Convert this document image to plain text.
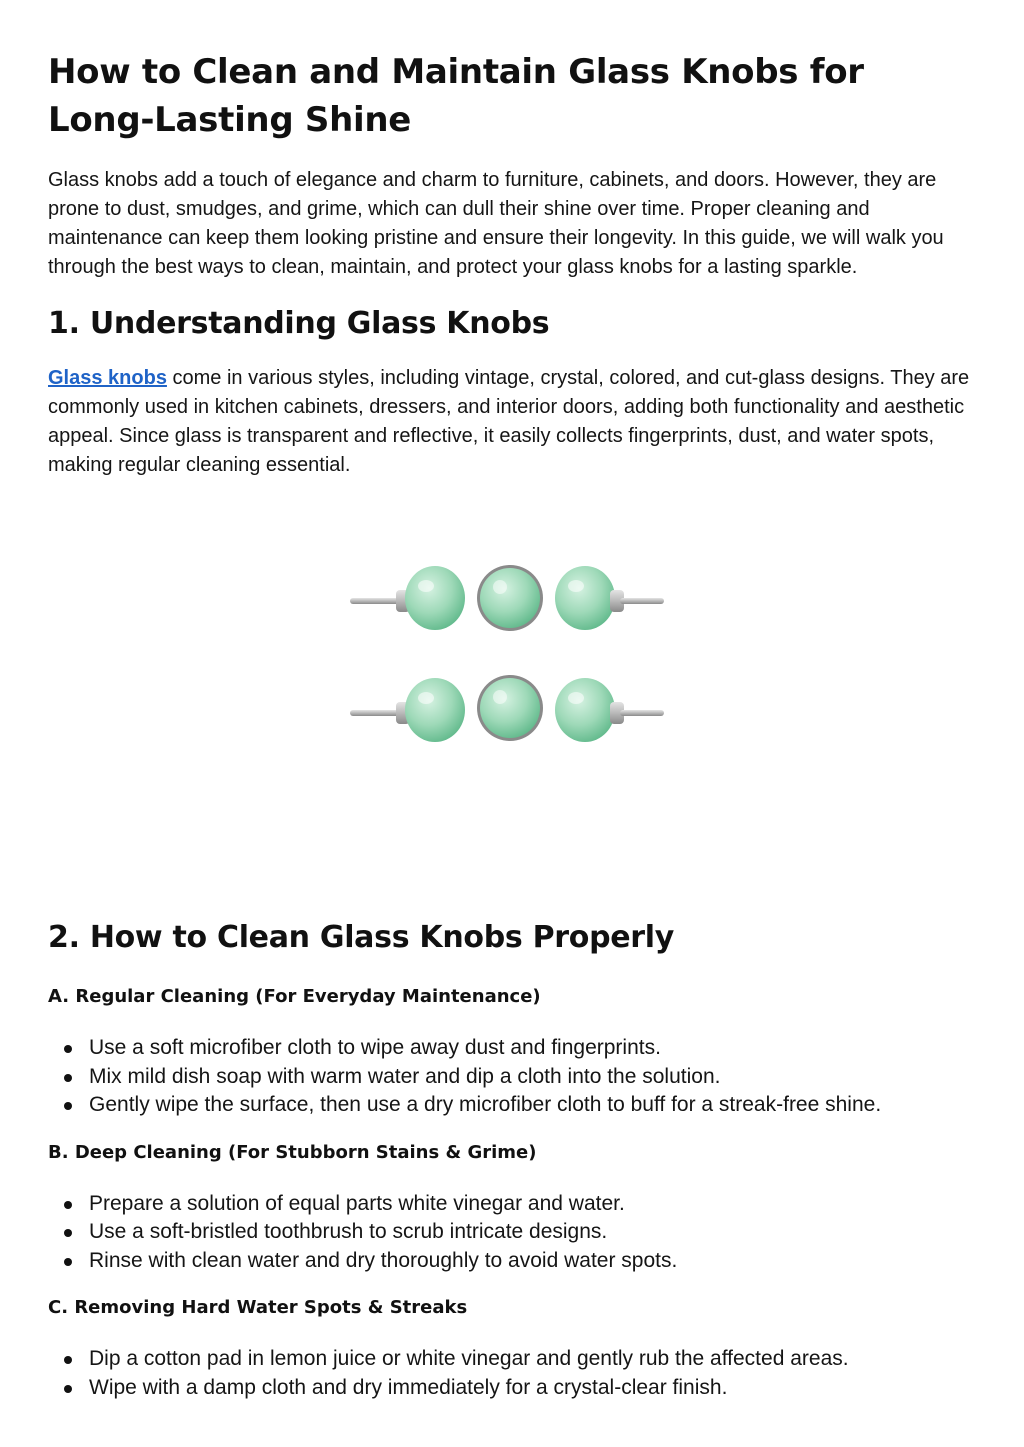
How to Clean and Maintain Glass Knobs for Long-Lasting Shine

Glass knobs add a touch of elegance and charm to furniture, cabinets, and doors. However, they are prone to dust, smudges, and grime, which can dull their shine over time. Proper cleaning and maintenance can keep them looking pristine and ensure their longevity. In this guide, we will walk you through the best ways to clean, maintain, and protect your glass knobs for a lasting sparkle.

1. Understanding Glass Knobs

Glass knobs come in various styles, including vintage, crystal, colored, and cut-glass designs. They are commonly used in kitchen cabinets, dressers, and interior doors, adding both functionality and aesthetic appeal. Since glass is transparent and reflective, it easily collects fingerprints, dust, and water spots, making regular cleaning essential.

2. How to Clean Glass Knobs Properly
A. Regular Cleaning (For Everyday Maintenance)
Use a soft microfiber cloth to wipe away dust and fingerprints.
Mix mild dish soap with warm water and dip a cloth into the solution.
Gently wipe the surface, then use a dry microfiber cloth to buff for a streak-free shine.
B. Deep Cleaning (For Stubborn Stains & Grime)
Prepare a solution of equal parts white vinegar and water.
Use a soft-bristled toothbrush to scrub intricate designs.
Rinse with clean water and dry thoroughly to avoid water spots.
C. Removing Hard Water Spots & Streaks
Dip a cotton pad in lemon juice or white vinegar and gently rub the affected areas.
Wipe with a damp cloth and dry immediately for a crystal-clear finish.
